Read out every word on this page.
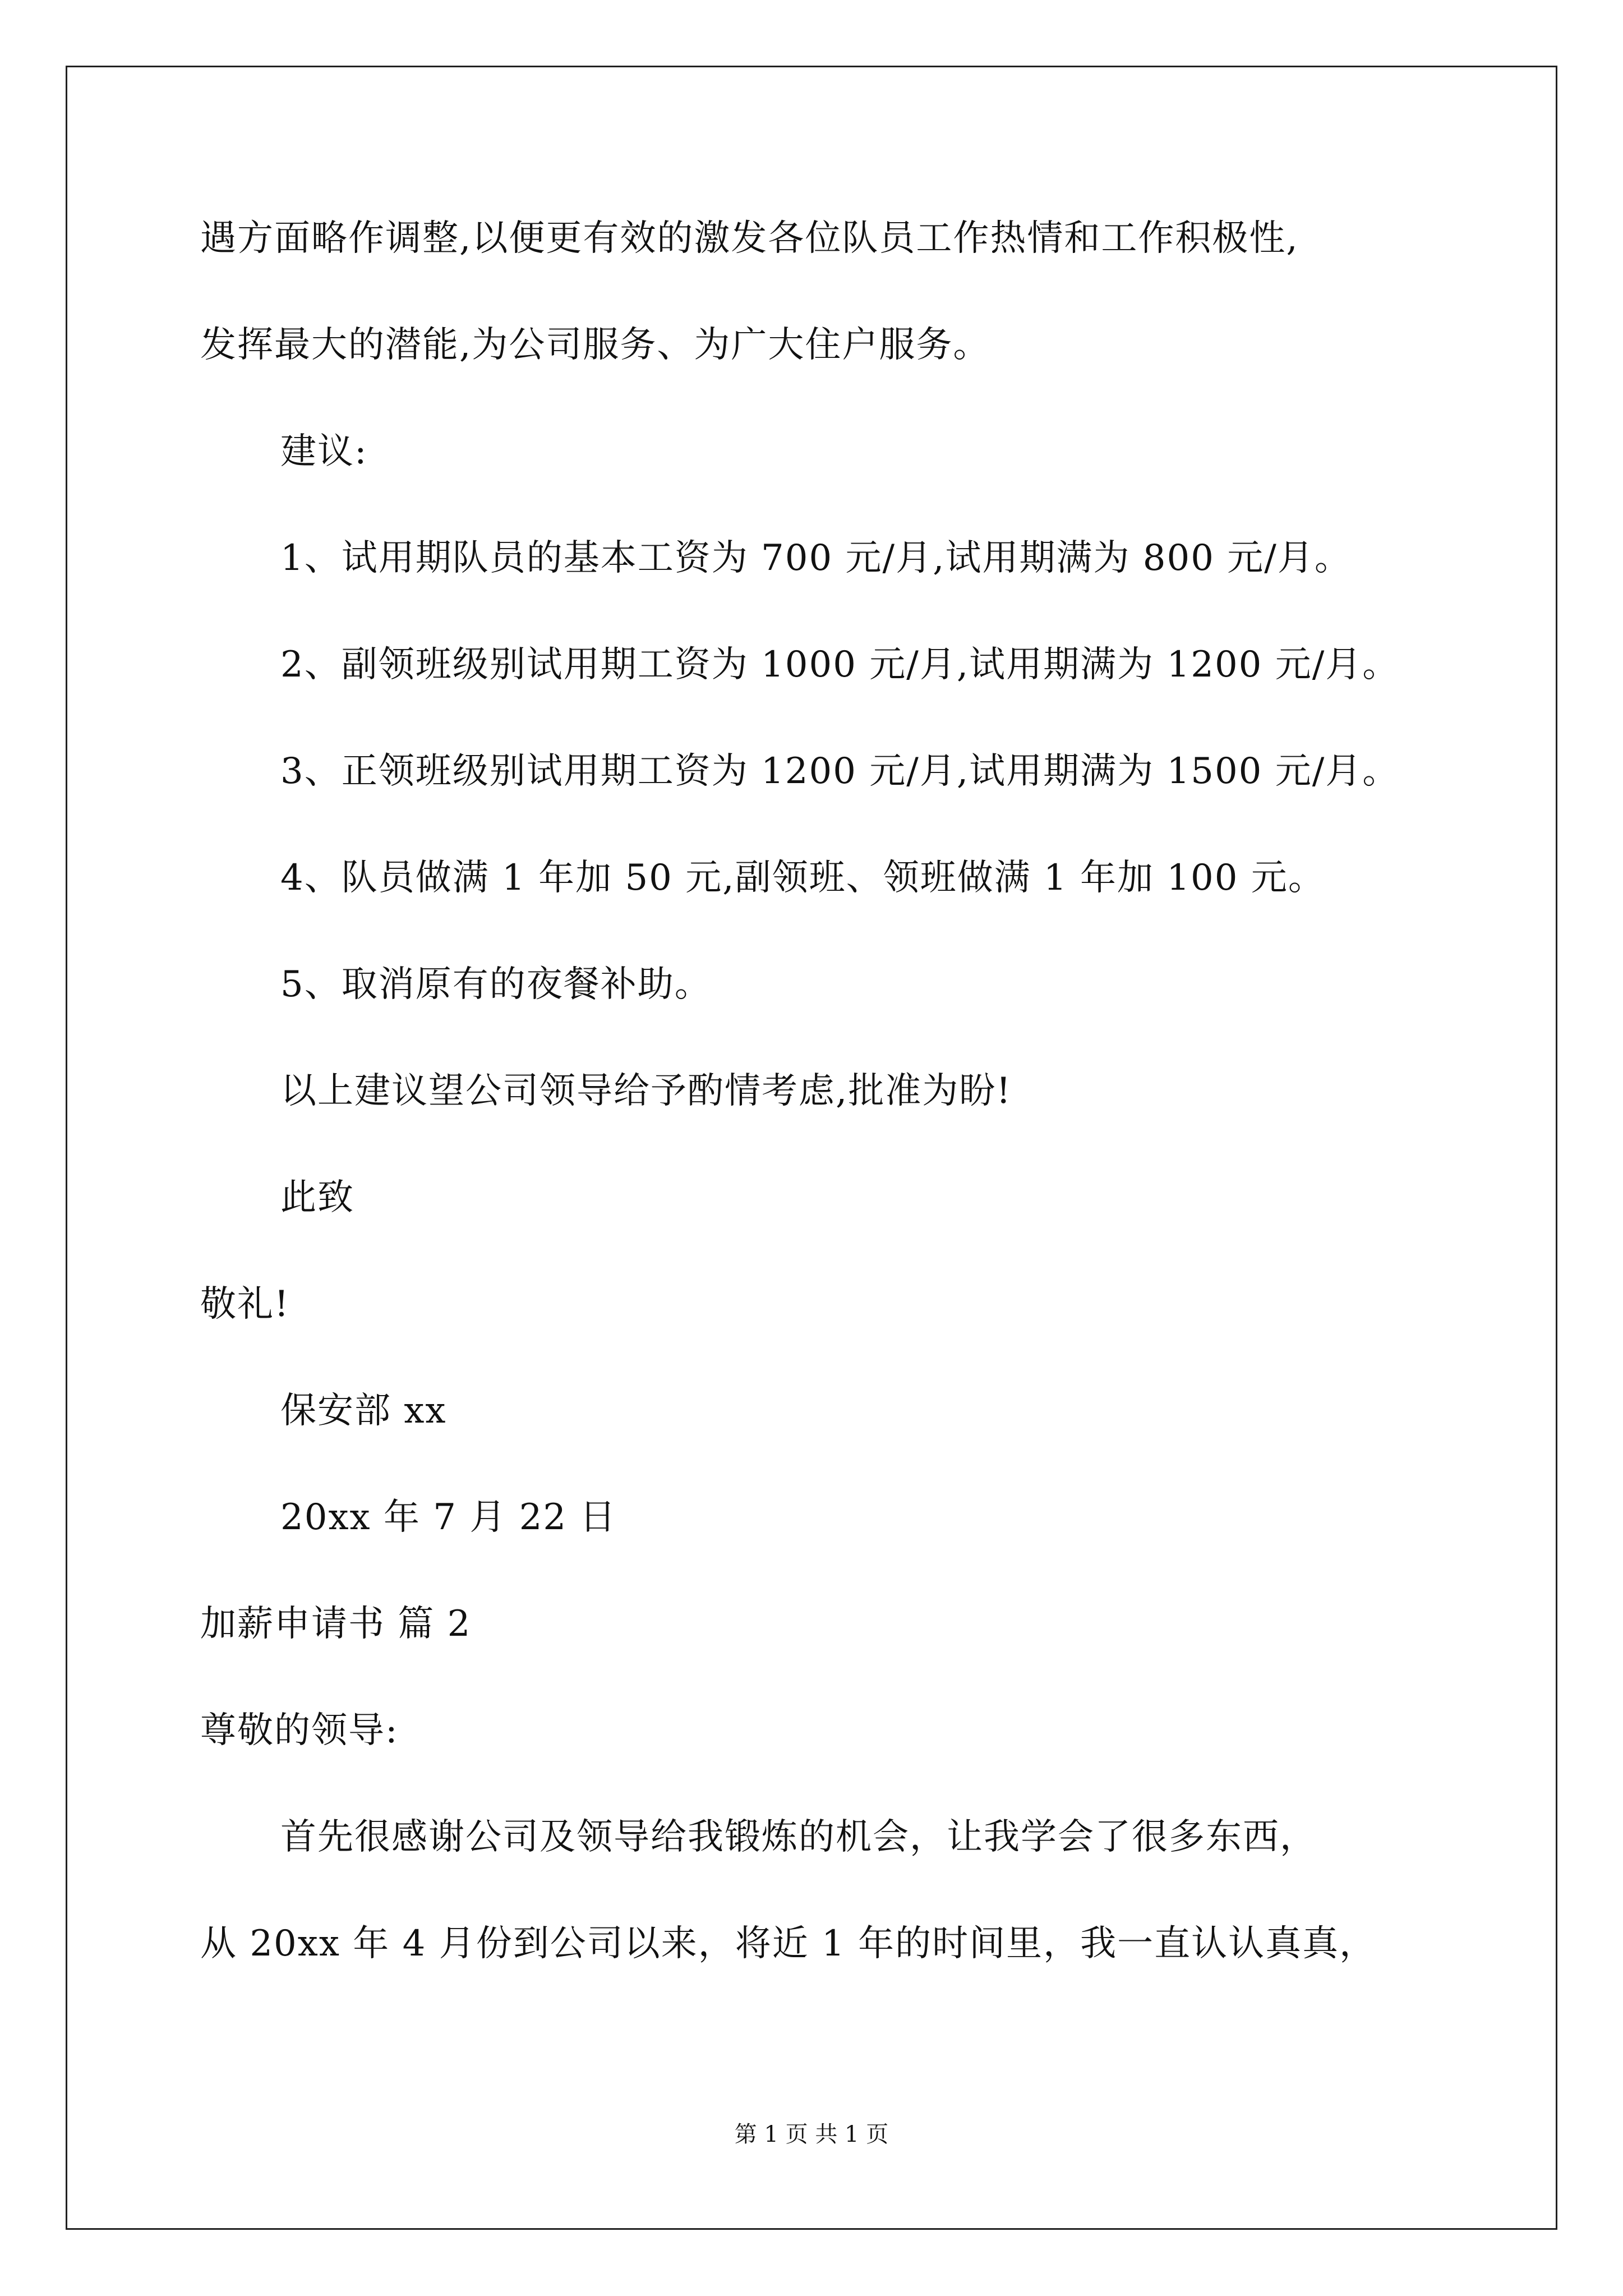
遇方面略作调整,以便更有效的激发各位队员工作热情和工作积极性,
发挥最大的潜能,为公司服务、为广大住户服务。
建议:
1、试用期队员的基本工资为 700 元/月,试用期满为 800 元/月。
2、副领班级别试用期工资为 1000 元/月,试用期满为 1200 元/月。
3、正领班级别试用期工资为 1200 元/月,试用期满为 1500 元/月。
4、队员做满 1 年加 50 元,副领班、领班做满 1 年加 100 元。
5、取消原有的夜餐补助。
以上建议望公司领导给予酌情考虑,批准为盼!
此致
敬礼!
保安部 xx
20xx 年 7 月 22 日
加薪申请书 篇 2
尊敬的领导:
首先很感谢公司及领导给我锻炼的机会，让我学会了很多东西，
从 20xx 年 4 月份到公司以来，将近 1 年的时间里，我一直认认真真，
第 1 页 共 1 页
